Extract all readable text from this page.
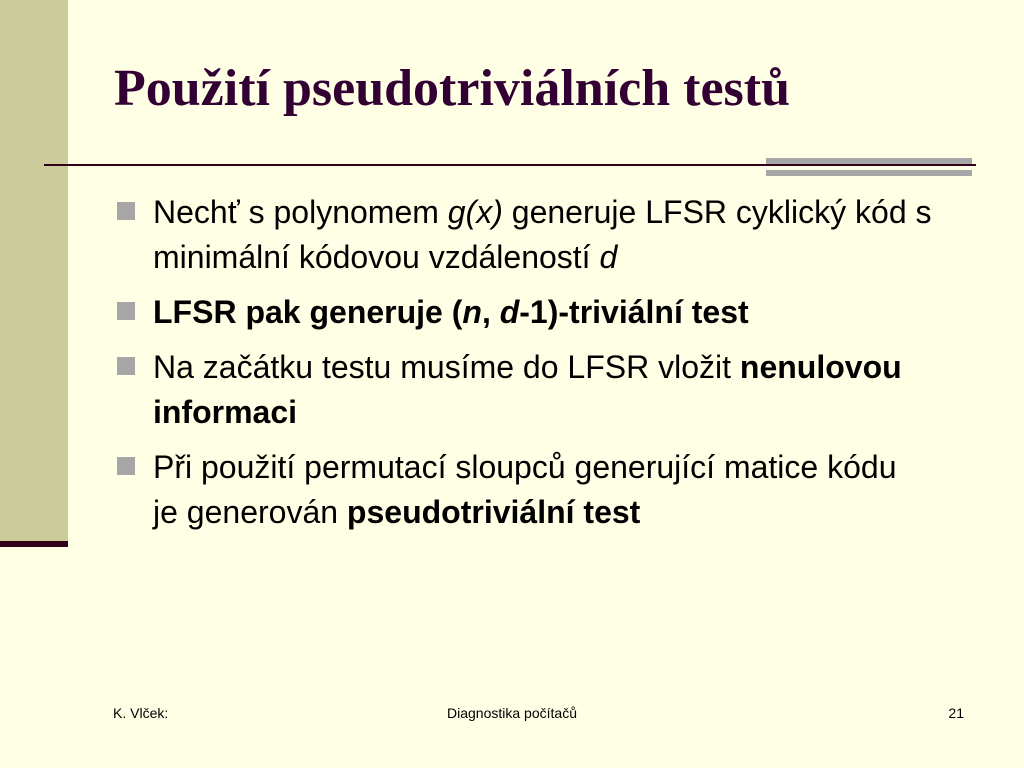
Použití pseudotriviálních testů
Nechť s polynomem g(x) generuje LFSR cyklický kód s minimální kódovou vzdáleností d
LFSR pak generuje (n, d-1)-triviální test
Na začátku testu musíme do LFSR vložit nenulovou informaci
Při použití permutací sloupců generující matice kódu je generován pseudotriviální test
K. Vlček:	Diagnostika počítačů	21
